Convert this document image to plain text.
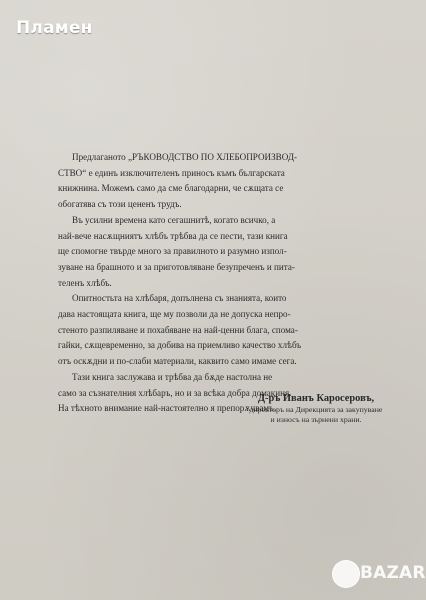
Пламен
Предлаганото „РЪКОВОДСТВО ПО ХЛЕБОПРОИЗВОД-
СТВО“ е единъ изключителенъ приносъ къмъ българската
книжнина. Можемъ само да сме благодарни, че сѫщата се
обогатява съ този цененъ трудъ.
Въ усилни времена като сегашнитѣ, когато всичко, а
най-вече насѫщниятъ хлѣбъ трѣбва да се пести, тази книга
ще спомогне твърде много за правилното и разумно изпол-
зуване на брашното и за приготовляване безупреченъ и пита-
теленъ хлѣбъ.
Опитностьта на хлѣбаря, допълнена съ знанията, които
дава настоящата книга, ще му позволи да не допуска непро-
стеното разпиляване и похабяване на най-ценни блага, спома-
гайки, сѫщевременно, за добива на приемливо качество хлѣбъ
отъ оскѫдни и по-слаби материали, каквито само имаме сега.
Тази книга заслужава и трѣбва да бѫде настолна не
само за съзнателния хлѣбаръ, но и за всѣка добра домакиня.
На тѣхното внимание най-настоятелно я препорѫчвамъ.
Д-ръ Иванъ Каросеровъ,
директоръ на Дирекцията за закупуване
и износъ на зърнени храни.
BAZAR
